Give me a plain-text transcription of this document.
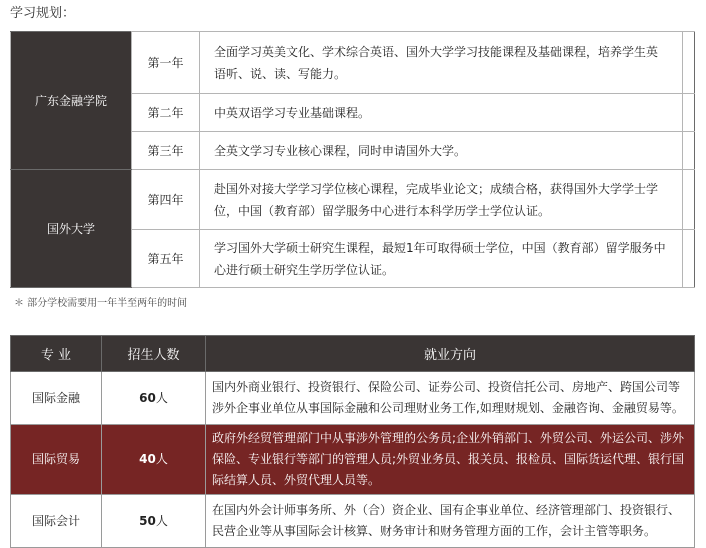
学习规划：
广东金融学院	第一年	全面学习英美文化、学术综合英语、国外大学学习技能课程及基础课程，培养学生英语听、说、读、写能力。	
	第二年	中英双语学习专业基础课程。	
	第三年	全英文学习专业核心课程，同时申请国外大学。	
国外大学	第四年	赴国外对接大学学习学位核心课程，完成毕业论文；成绩合格，获得国外大学学士学位，中国（教育部）留学服务中心进行本科学历学士学位认证。	
	第五年	学习国外大学硕士研究生课程，最短1年可取得硕士学位，中国（教育部）留学服务中心进行硕士研究生学历学位认证。	
＊ 部分学校需要用一年半至两年的时间
专 业	招生人数	就业方向
国际金融	60人	国内外商业银行、投资银行、保险公司、证券公司、投资信托公司、房地产、跨国公司等涉外企事业单位从事国际金融和公司理财业务工作,如理财规划、金融咨询、金融贸易等。
国际贸易	40人	政府外经贸管理部门中从事涉外管理的公务员;企业外销部门、外贸公司、外运公司、涉外保险、专业银行等部门的管理人员;外贸业务员、报关员、报检员、国际货运代理、银行国际结算人员、外贸代理人员等。
国际会计	50人	在国内外会计师事务所、外（合）资企业、国有企事业单位、经济管理部门、投资银行、民营企业等从事国际会计核算、财务审计和财务管理方面的工作，会计主管等职务。
